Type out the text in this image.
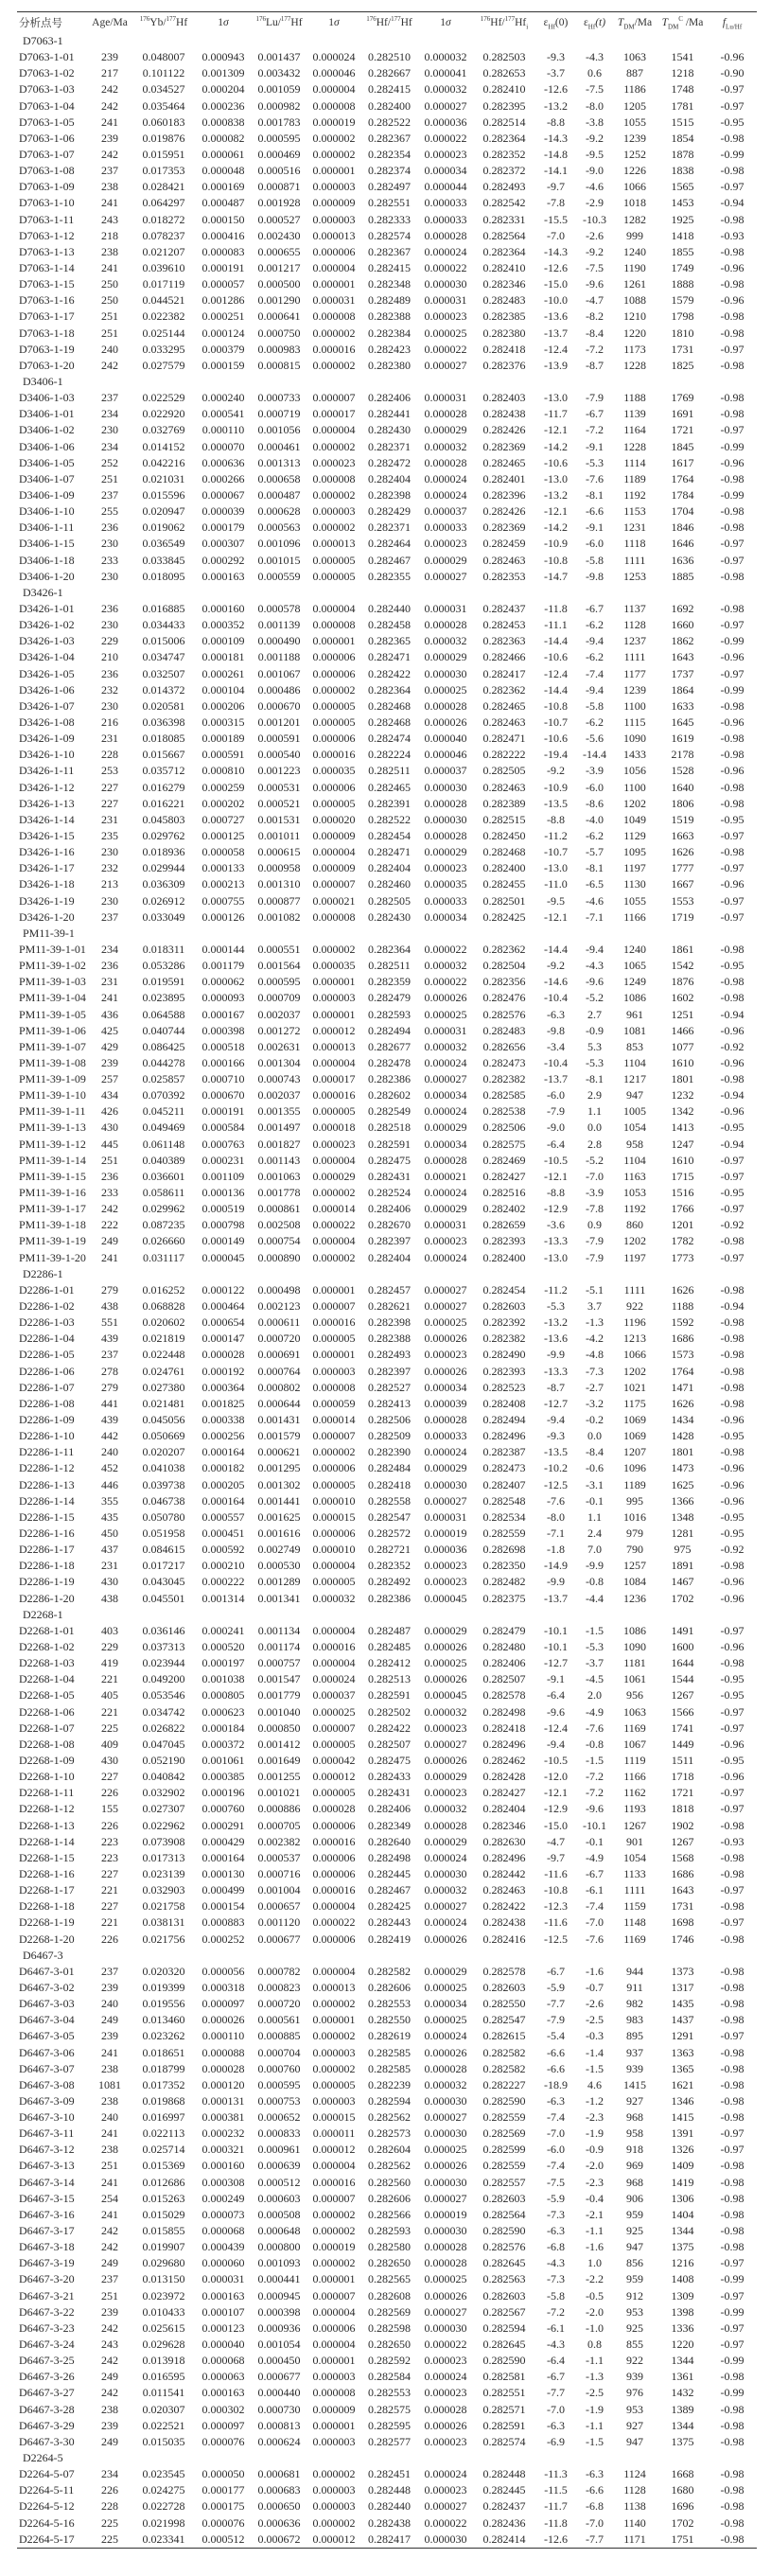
分析点号	Age/Ma	$^{176}$Yb/$^{177}$Hf	1σ	$^{176}$Lu/$^{177}$Hf	1σ	$^{176}$Hf/$^{177}$Hf	1σ	$^{176}Hf/^{177}Hf_i$	$\varepsilon_{Hf}(0)$	$\varepsilon_{Hf}(t)$	$T_{DM}/Ma$	$T_{DM}^C$ /Ma	$f_{Lu/Hf}$
D7063-1													
D7063-1-01	239	0.048007	0.000943	0.001437	0.000024	0.282510	0.000032	0.282503	-9.3	-4.3	1063	1541	-0.96
D7063-1-02	217	0.101122	0.001309	0.003432	0.000046	0.282667	0.000041	0.282653	-3.7	0.6	887	1218	-0.90
D7063-1-03	242	0.034527	0.000204	0.001059	0.000004	0.282415	0.000032	0.282410	-12.6	-7.5	1186	1748	-0.97
D7063-1-04	242	0.035464	0.000236	0.000982	0.000008	0.282400	0.000027	0.282395	-13.2	-8.0	1205	1781	-0.97
D7063-1-05	241	0.060183	0.000838	0.001783	0.000019	0.282522	0.000036	0.282514	-8.8	-3.8	1055	1515	-0.95
D7063-1-06	239	0.019876	0.000082	0.000595	0.000002	0.282367	0.000022	0.282364	-14.3	-9.2	1239	1854	-0.98
D7063-1-07	242	0.015951	0.000061	0.000469	0.000002	0.282354	0.000023	0.282352	-14.8	-9.5	1252	1878	-0.99
D7063-1-08	237	0.017353	0.000048	0.000516	0.000001	0.282374	0.000034	0.282372	-14.1	-9.0	1226	1838	-0.98
D7063-1-09	238	0.028421	0.000169	0.000871	0.000003	0.282497	0.000044	0.282493	-9.7	-4.6	1066	1565	-0.97
D7063-1-10	241	0.064297	0.000487	0.001928	0.000009	0.282551	0.000033	0.282542	-7.8	-2.9	1018	1453	-0.94
D7063-1-11	243	0.018272	0.000150	0.000527	0.000003	0.282333	0.000033	0.282331	-15.5	-10.3	1282	1925	-0.98
D7063-1-12	218	0.078237	0.000416	0.002430	0.000013	0.282574	0.000028	0.282564	-7.0	-2.6	999	1418	-0.93
D7063-1-13	238	0.021207	0.000083	0.000655	0.000006	0.282367	0.000024	0.282364	-14.3	-9.2	1240	1855	-0.98
D7063-1-14	241	0.039610	0.000191	0.001217	0.000004	0.282415	0.000022	0.282410	-12.6	-7.5	1190	1749	-0.96
D7063-1-15	250	0.017119	0.000057	0.000500	0.000001	0.282348	0.000030	0.282346	-15.0	-9.6	1261	1888	-0.98
D7063-1-16	250	0.044521	0.001286	0.001290	0.000031	0.282489	0.000031	0.282483	-10.0	-4.7	1088	1579	-0.96
D7063-1-17	251	0.022382	0.000251	0.000641	0.000008	0.282388	0.000023	0.282385	-13.6	-8.2	1210	1798	-0.98
D7063-1-18	251	0.025144	0.000124	0.000750	0.000002	0.282384	0.000025	0.282380	-13.7	-8.4	1220	1810	-0.98
D7063-1-19	240	0.033295	0.000379	0.000983	0.000016	0.282423	0.000022	0.282418	-12.4	-7.2	1173	1731	-0.97
D7063-1-20	242	0.027579	0.000159	0.000815	0.000002	0.282380	0.000027	0.282376	-13.9	-8.7	1228	1825	-0.98
D3406-1													
D3406-1-03	237	0.022529	0.000240	0.000733	0.000007	0.282406	0.000031	0.282403	-13.0	-7.9	1188	1769	-0.98
D3406-1-01	234	0.022920	0.000541	0.000719	0.000017	0.282441	0.000028	0.282438	-11.7	-6.7	1139	1691	-0.98
D3406-1-02	230	0.032769	0.000110	0.001056	0.000004	0.282430	0.000029	0.282426	-12.1	-7.2	1164	1721	-0.97
D3406-1-06	234	0.014152	0.000070	0.000461	0.000002	0.282371	0.000032	0.282369	-14.2	-9.1	1228	1845	-0.99
D3406-1-05	252	0.042216	0.000636	0.001313	0.000023	0.282472	0.000028	0.282465	-10.6	-5.3	1114	1617	-0.96
D3406-1-07	251	0.021031	0.000266	0.000658	0.000008	0.282404	0.000024	0.282401	-13.0	-7.6	1189	1764	-0.98
D3406-1-09	237	0.015596	0.000067	0.000487	0.000002	0.282398	0.000024	0.282396	-13.2	-8.1	1192	1784	-0.99
D3406-1-10	255	0.020947	0.000039	0.000628	0.000003	0.282429	0.000037	0.282426	-12.1	-6.6	1153	1704	-0.98
D3406-1-11	236	0.019062	0.000179	0.000563	0.000002	0.282371	0.000033	0.282369	-14.2	-9.1	1231	1846	-0.98
D3406-1-15	230	0.036549	0.000307	0.001096	0.000013	0.282464	0.000023	0.282459	-10.9	-6.0	1118	1646	-0.97
D3406-1-18	233	0.033845	0.000292	0.001015	0.000005	0.282467	0.000029	0.282463	-10.8	-5.8	1111	1636	-0.97
D3406-1-20	230	0.018095	0.000163	0.000559	0.000005	0.282355	0.000027	0.282353	-14.7	-9.8	1253	1885	-0.98
D3426-1													
D3426-1-01	236	0.016885	0.000160	0.000578	0.000004	0.282440	0.000031	0.282437	-11.8	-6.7	1137	1692	-0.98
D3426-1-02	230	0.034433	0.000352	0.001139	0.000008	0.282458	0.000028	0.282453	-11.1	-6.2	1128	1660	-0.97
D3426-1-03	229	0.015006	0.000109	0.000490	0.000001	0.282365	0.000032	0.282363	-14.4	-9.4	1237	1862	-0.99
D3426-1-04	210	0.034747	0.000181	0.001188	0.000006	0.282471	0.000029	0.282466	-10.6	-6.2	1111	1643	-0.96
D3426-1-05	236	0.032507	0.000261	0.001067	0.000006	0.282422	0.000030	0.282417	-12.4	-7.4	1177	1737	-0.97
D3426-1-06	232	0.014372	0.000104	0.000486	0.000002	0.282364	0.000025	0.282362	-14.4	-9.4	1239	1864	-0.99
D3426-1-07	230	0.020581	0.000206	0.000670	0.000005	0.282468	0.000028	0.282465	-10.8	-5.8	1100	1633	-0.98
D3426-1-08	216	0.036398	0.000315	0.001201	0.000005	0.282468	0.000026	0.282463	-10.7	-6.2	1115	1645	-0.96
D3426-1-09	231	0.018085	0.000189	0.000591	0.000006	0.282474	0.000040	0.282471	-10.6	-5.6	1090	1619	-0.98
D3426-1-10	228	0.015667	0.000591	0.000540	0.000016	0.282224	0.000046	0.282222	-19.4	-14.4	1433	2178	-0.98
D3426-1-11	253	0.035712	0.000810	0.001223	0.000035	0.282511	0.000037	0.282505	-9.2	-3.9	1056	1528	-0.96
D3426-1-12	227	0.016279	0.000259	0.000531	0.000006	0.282465	0.000030	0.282463	-10.9	-6.0	1100	1640	-0.98
D3426-1-13	227	0.016221	0.000202	0.000521	0.000005	0.282391	0.000028	0.282389	-13.5	-8.6	1202	1806	-0.98
D3426-1-14	231	0.045803	0.000727	0.001531	0.000020	0.282522	0.000030	0.282515	-8.8	-4.0	1049	1519	-0.95
D3426-1-15	235	0.029762	0.000125	0.001011	0.000009	0.282454	0.000028	0.282450	-11.2	-6.2	1129	1663	-0.97
D3426-1-16	230	0.018936	0.000058	0.000615	0.000004	0.282471	0.000029	0.282468	-10.7	-5.7	1095	1626	-0.98
D3426-1-17	232	0.029944	0.000133	0.000958	0.000009	0.282404	0.000023	0.282400	-13.0	-8.1	1197	1777	-0.97
D3426-1-18	213	0.036309	0.000213	0.001310	0.000007	0.282460	0.000035	0.282455	-11.0	-6.5	1130	1667	-0.96
D3426-1-19	230	0.026912	0.000755	0.000877	0.000021	0.282505	0.000033	0.282501	-9.5	-4.6	1055	1553	-0.97
D3426-1-20	237	0.033049	0.000126	0.001082	0.000008	0.282430	0.000034	0.282425	-12.1	-7.1	1166	1719	-0.97
PM11-39-1													
PM11-39-1-01	234	0.018311	0.000144	0.000551	0.000002	0.282364	0.000022	0.282362	-14.4	-9.4	1240	1861	-0.98
PM11-39-1-02	236	0.053286	0.001179	0.001564	0.000035	0.282511	0.000032	0.282504	-9.2	-4.3	1065	1542	-0.95
PM11-39-1-03	231	0.019591	0.000062	0.000595	0.000001	0.282359	0.000022	0.282356	-14.6	-9.6	1249	1876	-0.98
PM11-39-1-04	241	0.023895	0.000093	0.000709	0.000003	0.282479	0.000026	0.282476	-10.4	-5.2	1086	1602	-0.98
PM11-39-1-05	436	0.064588	0.000167	0.002037	0.000001	0.282593	0.000025	0.282576	-6.3	2.7	961	1251	-0.94
PM11-39-1-06	425	0.040744	0.000398	0.001272	0.000012	0.282494	0.000031	0.282483	-9.8	-0.9	1081	1466	-0.96
PM11-39-1-07	429	0.086425	0.000518	0.002631	0.000013	0.282677	0.000032	0.282656	-3.4	5.3	853	1077	-0.92
PM11-39-1-08	239	0.044278	0.000166	0.001304	0.000004	0.282478	0.000024	0.282473	-10.4	-5.3	1104	1610	-0.96
PM11-39-1-09	257	0.025857	0.000710	0.000743	0.000017	0.282386	0.000027	0.282382	-13.7	-8.1	1217	1801	-0.98
PM11-39-1-10	434	0.070392	0.000670	0.002037	0.000016	0.282602	0.000034	0.282585	-6.0	2.9	947	1232	-0.94
PM11-39-1-11	426	0.045211	0.000191	0.001355	0.000005	0.282549	0.000024	0.282538	-7.9	1.1	1005	1342	-0.96
PM11-39-1-13	430	0.049469	0.000584	0.001497	0.000018	0.282518	0.000029	0.282506	-9.0	0.0	1054	1413	-0.95
PM11-39-1-12	445	0.061148	0.000763	0.001827	0.000023	0.282591	0.000034	0.282575	-6.4	2.8	958	1247	-0.94
PM11-39-1-14	251	0.040389	0.000231	0.001143	0.000004	0.282475	0.000028	0.282469	-10.5	-5.2	1104	1610	-0.97
PM11-39-1-15	236	0.036601	0.001109	0.001063	0.000029	0.282431	0.000021	0.282427	-12.1	-7.0	1163	1715	-0.97
PM11-39-1-16	233	0.058611	0.000136	0.001778	0.000002	0.282524	0.000024	0.282516	-8.8	-3.9	1053	1516	-0.95
PM11-39-1-17	242	0.029962	0.000519	0.000861	0.000014	0.282406	0.000029	0.282402	-12.9	-7.8	1192	1766	-0.97
PM11-39-1-18	222	0.087235	0.000798	0.002508	0.000022	0.282670	0.000031	0.282659	-3.6	0.9	860	1201	-0.92
PM11-39-1-19	249	0.026660	0.000149	0.000754	0.000004	0.282397	0.000023	0.282393	-13.3	-7.9	1202	1782	-0.98
PM11-39-1-20	241	0.031117	0.000045	0.000890	0.000002	0.282404	0.000024	0.282400	-13.0	-7.9	1197	1773	-0.97
D2286-1													
D2286-1-01	279	0.016252	0.000122	0.000498	0.000001	0.282457	0.000027	0.282454	-11.2	-5.1	1111	1626	-0.98
D2286-1-02	438	0.068828	0.000464	0.002123	0.000007	0.282621	0.000027	0.282603	-5.3	3.7	922	1188	-0.94
D2286-1-03	551	0.020602	0.000654	0.000611	0.000016	0.282398	0.000025	0.282392	-13.2	-1.3	1196	1592	-0.98
D2286-1-04	439	0.021819	0.000147	0.000720	0.000005	0.282388	0.000026	0.282382	-13.6	-4.2	1213	1686	-0.98
D2286-1-05	237	0.022448	0.000028	0.000691	0.000001	0.282493	0.000023	0.282490	-9.9	-4.8	1066	1573	-0.98
D2286-1-06	278	0.024761	0.000192	0.000764	0.000003	0.282397	0.000026	0.282393	-13.3	-7.3	1202	1764	-0.98
D2286-1-07	279	0.027380	0.000364	0.000802	0.000008	0.282527	0.000034	0.282523	-8.7	-2.7	1021	1471	-0.98
D2286-1-08	441	0.021481	0.001825	0.000644	0.000059	0.282413	0.000039	0.282408	-12.7	-3.2	1175	1626	-0.98
D2286-1-09	439	0.045056	0.000338	0.001431	0.000014	0.282506	0.000028	0.282494	-9.4	-0.2	1069	1434	-0.96
D2286-1-10	442	0.050669	0.000256	0.001579	0.000007	0.282509	0.000033	0.282496	-9.3	0.0	1069	1428	-0.95
D2286-1-11	240	0.020207	0.000164	0.000621	0.000002	0.282390	0.000024	0.282387	-13.5	-8.4	1207	1801	-0.98
D2286-1-12	452	0.041038	0.000182	0.001295	0.000006	0.282484	0.000029	0.282473	-10.2	-0.6	1096	1473	-0.96
D2286-1-13	446	0.039738	0.000205	0.001302	0.000005	0.282418	0.000030	0.282407	-12.5	-3.1	1189	1625	-0.96
D2286-1-14	355	0.046738	0.000164	0.001441	0.000010	0.282558	0.000027	0.282548	-7.6	-0.1	995	1366	-0.96
D2286-1-15	435	0.050780	0.000557	0.001625	0.000015	0.282547	0.000031	0.282534	-8.0	1.1	1016	1348	-0.95
D2286-1-16	450	0.051958	0.000451	0.001616	0.000006	0.282572	0.000019	0.282559	-7.1	2.4	979	1281	-0.95
D2286-1-17	437	0.084615	0.000592	0.002749	0.000010	0.282721	0.000036	0.282698	-1.8	7.0	790	975	-0.92
D2286-1-18	231	0.017217	0.000210	0.000530	0.000004	0.282352	0.000023	0.282350	-14.9	-9.9	1257	1891	-0.98
D2286-1-19	430	0.043045	0.000222	0.001289	0.000005	0.282492	0.000023	0.282482	-9.9	-0.8	1084	1467	-0.96
D2286-1-20	438	0.045501	0.001314	0.001341	0.000032	0.282386	0.000045	0.282375	-13.7	-4.4	1236	1702	-0.96
D2268-1													
D2268-1-01	403	0.036146	0.000241	0.001134	0.000004	0.282487	0.000029	0.282479	-10.1	-1.5	1086	1491	-0.97
D2268-1-02	229	0.037313	0.000520	0.001174	0.000016	0.282485	0.000026	0.282480	-10.1	-5.3	1090	1600	-0.96
D2268-1-03	419	0.023944	0.000197	0.000757	0.000004	0.282412	0.000025	0.282406	-12.7	-3.7	1181	1644	-0.98
D2268-1-04	221	0.049200	0.001038	0.001547	0.000024	0.282513	0.000026	0.282507	-9.1	-4.5	1061	1544	-0.95
D2268-1-05	405	0.053546	0.000805	0.001779	0.000037	0.282591	0.000045	0.282578	-6.4	2.0	956	1267	-0.95
D2268-1-06	221	0.034742	0.000623	0.001040	0.000025	0.282502	0.000032	0.282498	-9.6	-4.9	1063	1566	-0.97
D2268-1-07	225	0.026822	0.000184	0.000850	0.000007	0.282422	0.000023	0.282418	-12.4	-7.6	1169	1741	-0.97
D2268-1-08	409	0.047045	0.000372	0.001412	0.000005	0.282507	0.000027	0.282496	-9.4	-0.8	1067	1449	-0.96
D2268-1-09	430	0.052190	0.001061	0.001649	0.000042	0.282475	0.000026	0.282462	-10.5	-1.5	1119	1511	-0.95
D2268-1-10	227	0.040842	0.000385	0.001255	0.000012	0.282433	0.000029	0.282428	-12.0	-7.2	1166	1718	-0.96
D2268-1-11	226	0.032902	0.000196	0.001021	0.000005	0.282431	0.000023	0.282427	-12.1	-7.2	1162	1721	-0.97
D2268-1-12	155	0.027307	0.000760	0.000886	0.000028	0.282406	0.000032	0.282404	-12.9	-9.6	1193	1818	-0.97
D2268-1-13	226	0.022962	0.000291	0.000705	0.000006	0.282349	0.000028	0.282346	-15.0	-10.1	1267	1902	-0.98
D2268-1-14	223	0.073908	0.000429	0.002382	0.000016	0.282640	0.000029	0.282630	-4.7	-0.1	901	1267	-0.93
D2268-1-15	223	0.017313	0.000164	0.000537	0.000006	0.282498	0.000024	0.282496	-9.7	-4.9	1054	1568	-0.98
D2268-1-16	227	0.023139	0.000130	0.000716	0.000006	0.282445	0.000030	0.282442	-11.6	-6.7	1133	1686	-0.98
D2268-1-17	221	0.032903	0.000499	0.001004	0.000016	0.282467	0.000032	0.282463	-10.8	-6.1	1111	1643	-0.97
D2268-1-18	227	0.021758	0.000154	0.000657	0.000004	0.282425	0.000027	0.282422	-12.3	-7.4	1159	1731	-0.98
D2268-1-19	221	0.038131	0.000883	0.001120	0.000022	0.282443	0.000024	0.282438	-11.6	-7.0	1148	1698	-0.97
D2268-1-20	226	0.021756	0.000252	0.000677	0.000006	0.282419	0.000026	0.282416	-12.5	-7.6	1169	1746	-0.98
D6467-3													
D6467-3-01	237	0.020320	0.000056	0.000782	0.000004	0.282582	0.000029	0.282578	-6.7	-1.6	944	1373	-0.98
D6467-3-02	239	0.019399	0.000318	0.000823	0.000013	0.282606	0.000025	0.282603	-5.9	-0.7	911	1317	-0.98
D6467-3-03	240	0.019556	0.000097	0.000720	0.000002	0.282553	0.000034	0.282550	-7.7	-2.6	982	1435	-0.98
D6467-3-04	249	0.013460	0.000026	0.000561	0.000001	0.282550	0.000025	0.282547	-7.9	-2.5	983	1437	-0.98
D6467-3-05	239	0.023262	0.000110	0.000885	0.000002	0.282619	0.000024	0.282615	-5.4	-0.3	895	1291	-0.97
D6467-3-06	241	0.018651	0.000088	0.000704	0.000003	0.282585	0.000026	0.282582	-6.6	-1.4	937	1363	-0.98
D6467-3-07	238	0.018799	0.000028	0.000760	0.000002	0.282585	0.000028	0.282582	-6.6	-1.5	939	1365	-0.98
D6467-3-08	1081	0.017352	0.000120	0.000595	0.000005	0.282239	0.000032	0.282227	-18.9	4.6	1415	1621	-0.98
D6467-3-09	238	0.019868	0.000131	0.000753	0.000003	0.282594	0.000030	0.282590	-6.3	-1.2	927	1346	-0.98
D6467-3-10	240	0.016997	0.000381	0.000652	0.000015	0.282562	0.000027	0.282559	-7.4	-2.3	968	1415	-0.98
D6467-3-11	241	0.022113	0.000232	0.000833	0.000011	0.282573	0.000030	0.282569	-7.0	-1.9	958	1391	-0.97
D6467-3-12	238	0.025714	0.000321	0.000961	0.000012	0.282604	0.000025	0.282599	-6.0	-0.9	918	1326	-0.97
D6467-3-13	251	0.015369	0.000160	0.000639	0.000004	0.282562	0.000026	0.282559	-7.4	-2.0	969	1409	-0.98
D6467-3-14	241	0.012686	0.000308	0.000512	0.000016	0.282560	0.000030	0.282557	-7.5	-2.3	968	1419	-0.98
D6467-3-15	254	0.015263	0.000249	0.000603	0.000007	0.282606	0.000027	0.282603	-5.9	-0.4	906	1306	-0.98
D6467-3-16	241	0.015029	0.000073	0.000508	0.000002	0.282566	0.000019	0.282564	-7.3	-2.1	959	1404	-0.98
D6467-3-17	242	0.015855	0.000068	0.000648	0.000002	0.282593	0.000030	0.282590	-6.3	-1.1	925	1344	-0.98
D6467-3-18	242	0.019907	0.000439	0.000800	0.000019	0.282580	0.000028	0.282576	-6.8	-1.6	947	1375	-0.98
D6467-3-19	249	0.029680	0.000060	0.001093	0.000002	0.282650	0.000028	0.282645	-4.3	1.0	856	1216	-0.97
D6467-3-20	237	0.013150	0.000031	0.000441	0.000001	0.282565	0.000025	0.282563	-7.3	-2.2	959	1408	-0.99
D6467-3-21	251	0.023972	0.000163	0.000945	0.000007	0.282608	0.000026	0.282603	-5.8	-0.5	912	1309	-0.97
D6467-3-22	239	0.010433	0.000107	0.000398	0.000004	0.282569	0.000027	0.282567	-7.2	-2.0	953	1398	-0.99
D6467-3-23	242	0.025615	0.000123	0.000936	0.000006	0.282598	0.000030	0.282594	-6.1	-1.0	925	1336	-0.97
D6467-3-24	243	0.029628	0.000040	0.001054	0.000004	0.282650	0.000022	0.282645	-4.3	0.8	855	1220	-0.97
D6467-3-25	242	0.013918	0.000068	0.000450	0.000001	0.282592	0.000023	0.282590	-6.4	-1.1	922	1344	-0.99
D6467-3-26	249	0.016595	0.000063	0.000677	0.000003	0.282584	0.000024	0.282581	-6.7	-1.3	939	1361	-0.98
D6467-3-27	242	0.011541	0.000163	0.000440	0.000008	0.282553	0.000023	0.282551	-7.7	-2.5	976	1432	-0.99
D6467-3-28	238	0.020307	0.000302	0.000730	0.000009	0.282575	0.000028	0.282571	-7.0	-1.9	953	1389	-0.98
D6467-3-29	239	0.022521	0.000097	0.000813	0.000001	0.282595	0.000026	0.282591	-6.3	-1.1	927	1344	-0.98
D6467-3-30	249	0.015035	0.000076	0.000624	0.000003	0.282577	0.000023	0.282574	-6.9	-1.5	947	1375	-0.98
D2264-5													
D2264-5-07	234	0.023545	0.000050	0.000681	0.000002	0.282451	0.000024	0.282448	-11.3	-6.3	1124	1668	-0.98
D2264-5-11	226	0.024275	0.000177	0.000683	0.000003	0.282448	0.000023	0.282445	-11.5	-6.6	1128	1680	-0.98
D2264-5-12	228	0.022728	0.000175	0.000650	0.000003	0.282440	0.000027	0.282437	-11.7	-6.8	1138	1696	-0.98
D2264-5-16	225	0.021998	0.000076	0.000636	0.000002	0.282438	0.000022	0.282436	-11.8	-7.0	1140	1702	-0.98
D2264-5-17	225	0.023341	0.000512	0.000672	0.000012	0.282417	0.000030	0.282414	-12.6	-7.7	1171	1751	-0.98
